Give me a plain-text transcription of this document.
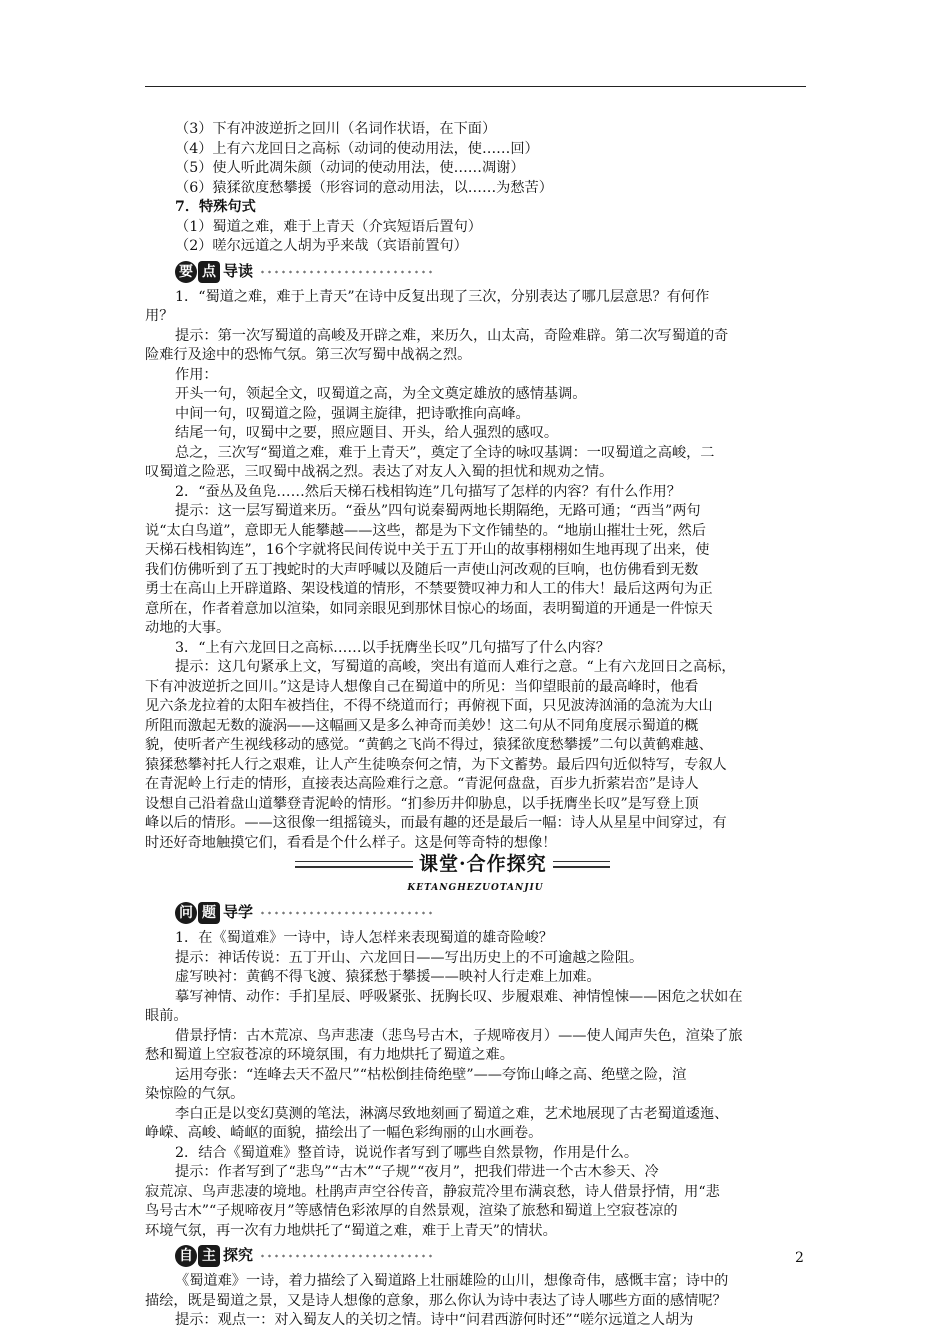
（3）下有冲波逆折之回川（名词作状语，在下面）

（4）上有六龙回日之高标（动词的使动用法，使……回）

（5）使人听此凋朱颜（动词的使动用法，使……凋谢）

（6）猿猱欲度愁攀援（形容词的意动用法，以……为愁苦）

7．特殊句式

（1）蜀道之难，难于上青天（介宾短语后置句）

（2）嗟尔远道之人胡为乎来哉（宾语前置句）

要 点 导读

1．“蜀道之难，难于上青天”在诗中反复出现了三次，分别表达了哪几层意思？有何作

用？

提示：第一次写蜀道的高峻及开辟之难，来历久，山太高，奇险难辟。第二次写蜀道的奇

险难行及途中的恐怖气氛。第三次写蜀中战祸之烈。

作用：

开头一句，领起全文，叹蜀道之高，为全文奠定雄放的感情基调。

中间一句，叹蜀道之险，强调主旋律，把诗歌推向高峰。

结尾一句，叹蜀中之要，照应题目、开头，给人强烈的感叹。

总之，三次写“蜀道之难，难于上青天”，奠定了全诗的咏叹基调：一叹蜀道之高峻，二

叹蜀道之险恶，三叹蜀中战祸之烈。表达了对友人入蜀的担忧和规劝之情。

2．“蚕丛及鱼凫……然后天梯石栈相钩连”几句描写了怎样的内容？有什么作用？

提示：这一层写蜀道来历。“蚕丛”四句说秦蜀两地长期隔绝，无路可通；“西当”两句

说“太白鸟道”，意即无人能攀越——这些，都是为下文作铺垫的。“地崩山摧壮士死，然后

天梯石栈相钩连”，16个字就将民间传说中关于五丁开山的故事栩栩如生地再现了出来，使

我们仿佛听到了五丁拽蛇时的大声呼喊以及随后一声使山河改观的巨响，也仿佛看到无数

勇士在高山上开辟道路、架设栈道的情形，不禁要赞叹神力和人工的伟大！最后这两句为正

意所在，作者着意加以渲染，如同亲眼见到那怵目惊心的场面，表明蜀道的开通是一件惊天

动地的大事。

3．“上有六龙回日之高标……以手抚膺坐长叹”几句描写了什么内容？

提示：这几句紧承上文，写蜀道的高峻，突出有道而人难行之意。“上有六龙回日之高标，

下有冲波逆折之回川。”这是诗人想像自己在蜀道中的所见：当仰望眼前的最高峰时，他看

见六条龙拉着的太阳车被挡住，不得不绕道而行；再俯视下面，只见波涛汹涌的急流为大山

所阻而激起无数的漩涡——这幅画又是多么神奇而美妙！这二句从不同角度展示蜀道的概

貌，使听者产生视线移动的感觉。“黄鹤之飞尚不得过，猿猱欲度愁攀援”二句以黄鹤难越、

猿猱愁攀衬托人行之艰难，让人产生徒唤奈何之情，为下文蓄势。最后四句近似特写，专叙人

在青泥岭上行走的情形，直接表达高险难行之意。“青泥何盘盘，百步九折萦岩峦”是诗人

设想自己沿着盘山道攀登青泥岭的情形。“扪参历井仰胁息，以手抚膺坐长叹”是写登上顶

峰以后的情形。——这很像一组摇镜头，而最有趣的还是最后一幅：诗人从星星中间穿过，有

时还好奇地触摸它们，看看是个什么样子。这是何等奇特的想像！

课堂·合作探究
KETANGHEZUOTANJIU
问 题 导学

1．在《蜀道难》一诗中，诗人怎样来表现蜀道的雄奇险峻？

提示：神话传说：五丁开山、六龙回日——写出历史上的不可逾越之险阻。

虚写映衬：黄鹤不得飞渡、猿猱愁于攀援——映衬人行走难上加难。

摹写神情、动作：手扪星辰、呼吸紧张、抚胸长叹、步履艰难、神情惶悚——困危之状如在

眼前。

借景抒情：古木荒凉、鸟声悲凄（悲鸟号古木，子规啼夜月）——使人闻声失色，渲染了旅

愁和蜀道上空寂苍凉的环境氛围，有力地烘托了蜀道之难。

运用夸张：“连峰去天不盈尺”“枯松倒挂倚绝壁”——夸饰山峰之高、绝壁之险，渲

染惊险的气氛。

李白正是以变幻莫测的笔法，淋漓尽致地刻画了蜀道之难，艺术地展现了古老蜀道逶迤、

峥嵘、高峻、崎岖的面貌，描绘出了一幅色彩绚丽的山水画卷。

2．结合《蜀道难》整首诗，说说作者写到了哪些自然景物，作用是什么。

提示：作者写到了“悲鸟”“古木”“子规”“夜月”，把我们带进一个古木参天、冷

寂荒凉、鸟声悲凄的境地。杜鹃声声空谷传音，静寂荒冷里布满哀愁，诗人借景抒情，用“悲

鸟号古木”“子规啼夜月”等感情色彩浓厚的自然景观，渲染了旅愁和蜀道上空寂苍凉的

环境气氛，再一次有力地烘托了“蜀道之难，难于上青天”的情状。

自 主 探究

《蜀道难》一诗，着力描绘了入蜀道路上壮丽雄险的山川，想像奇伟，感慨丰富；诗中的

描绘，既是蜀道之景，又是诗人想像的意象，那么你认为诗中表达了诗人哪些方面的感情呢？

提示：观点一：对入蜀友人的关切之情。诗中“问君西游何时还”“嗟尔远道之人胡为

2
